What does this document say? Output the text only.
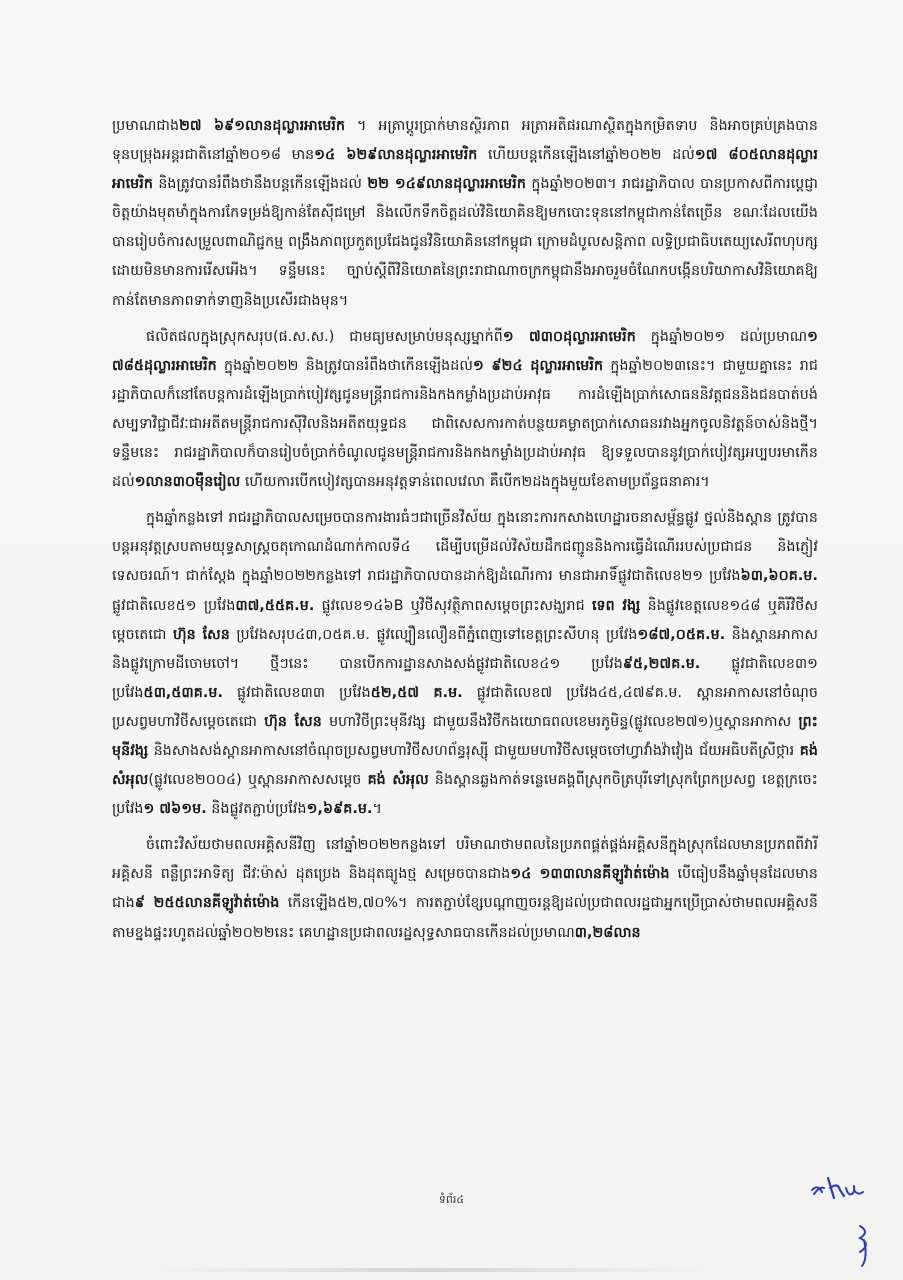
ប្រមាណជាង២៧ ៦៩១លានដុល្លារអាមេរិក ។ អត្រាប្តូរប្រាក់មានស្ថិរភាព អត្រាអតិផរណាស្ថិតក្នុងកម្រិតទាប និងអាចគ្រប់គ្រងបាន ទុនបម្រុងអន្តរជាតិនៅឆ្នាំ២០១៨ មាន១៤ ៦២៩លានដុល្លារអាមេរិក ហើយបន្តកើនឡើងនៅឆ្នាំ២០២២ ដល់១៧ ៨០៥លានដុល្លារអាមេរិក និងត្រូវបានរំពឹងថានឹងបន្តកើនឡើងដល់ ២២ ១៤៩លានដុល្លារអាមេរិក ក្នុងឆ្នាំ២០២៣។ រាជរដ្ឋាភិបាល បានប្រកាសពីការប្តេជ្ញាចិត្តយ៉ាងមុតមាំក្នុងការកែទម្រង់ឱ្យកាន់តែស៊ីជម្រៅ និងលើកទឹកចិត្តដល់វិនិយោគិនឱ្យមកបោះទុននៅកម្ពុជាកាន់តែច្រើន ខណៈដែលយើងបានរៀបចំការសម្រួលពាណិជ្ជកម្ម ពង្រឹងភាពប្រកួតប្រជែងជូនវិនិយោគិននៅកម្ពុជា ក្រោមដំបូលសន្តិភាព លទ្ធិប្រជាធិបតេយ្យសេរីពហុបក្ស ដោយមិនមានការរើសអើង។ ទន្ទឹមនេះ ច្បាប់ស្តីពីវិនិយោគនៃព្រះរាជាណាចក្រកម្ពុជានឹងអាចរួមចំណែកបង្កើនបរិយាកាសវិនិយោគឱ្យកាន់តែមានភាពទាក់ទាញនិងប្រសើរជាងមុន។

ផលិតផលក្នុងស្រុកសរុប(ផ.ស.ស.) ជាមធ្យមសម្រាប់មនុស្សម្នាក់ពី១ ៧៣០ដុល្លារអាមេរិក ក្នុងឆ្នាំ២០២១ ដល់ប្រមាណ១ ៧៨៥ដុល្លារអាមេរិក ក្នុងឆ្នាំ២០២២ និងត្រូវបានរំពឹងថាកើនឡើងដល់១ ៩២៤ ដុល្លារអាមេរិក ក្នុងឆ្នាំ២០២៣នេះ។ ជាមួយគ្នានេះ រាជរដ្ឋាភិបាលក៏នៅតែបន្តការដំឡើងប្រាក់បៀវត្សជូនមន្ត្រីរាជការនិងកងកម្លាំងប្រដាប់អាវុធ ការដំឡើងប្រាក់សោធននិវត្តជននិងជនបាត់បង់សម្បទាវិជ្ជាជីវៈជាអតីតមន្ត្រីរាជការស៊ីវិលនិងអតីតយុទ្ធជន ជាពិសេសការកាត់បន្ថយគម្លាតប្រាក់សោធនរវាងអ្នកចូលនិវត្តន៍ចាស់និងថ្មី។ ទន្ទឹមនេះ រាជរដ្ឋាភិបាលក៏បានរៀបចំប្រាក់ចំណូលជូនមន្ត្រីរាជការនិងកងកម្លាំងប្រដាប់អាវុធ ឱ្យទទួលបាននូវប្រាក់បៀវត្សអប្បបរមាកើនដល់១លាន៣០ម៉ឺនរៀល ហើយការបើកបៀវត្សបានអនុវត្តទាន់ពេលវេលា គឺបើក២ដងក្នុងមួយខែតាមប្រព័ន្ធធនាគារ។

ក្នុងឆ្នាំកន្លងទៅ រាជរដ្ឋាភិបាលសម្រេចបានការងារធំៗជាច្រើនវិស័យ ក្នុងនោះការកសាងហេដ្ឋារចនាសម្ព័ន្ធផ្លូវ ថ្នល់និងស្ពាន ត្រូវបានបន្តអនុវត្តស្របតាមយុទ្ធសាស្ត្រចតុកោណដំណាក់កាលទី៤ ដើម្បីបម្រើដល់វិស័យដឹកជញ្ជូននិងការធ្វើដំណើររបស់ប្រជាជន និងភ្ញៀវទេសចរណ៍។ ជាក់ស្តែង ក្នុងឆ្នាំ២០២២កន្លងទៅ រាជរដ្ឋាភិបាលបានដាក់ឱ្យដំណើរការ មានជាអាទិ៍ផ្លូវជាតិលេខ២១ ប្រវែង៦៣,៦០គ.ម. ផ្លូវជាតិលេខ៥១ ប្រវែង៣៧,៥៥គ.ម. ផ្លូវលេខ១៤៦B ឬវិថីសុវត្ថិភាពសម្តេចព្រះសង្ឃរាជ ទេព វង្ស និងផ្លូវខេត្តលេខ១៤៨ ឬគិរីវិថីសម្តេចតេជោ ហ៊ុន សែន ប្រវែងសរុប៤៣,០៥គ.ម. ផ្លូវល្បឿនលឿនពីភ្នំពេញទៅខេត្តព្រះសីហនុ ប្រវែង១៨៧,០៥គ.ម. និងស្ពានអាកាសនិងផ្លូវក្រោមដីចោមចៅ។ ថ្មីៗនេះ បានបើកការដ្ឋានសាងសង់ផ្លូវជាតិលេខ៤១ ប្រវែង៩៥,២៧គ.ម. ផ្លូវជាតិលេខ៣១ ប្រវែង៥៣,៥៣គ.ម. ផ្លូវជាតិលេខ៣៣ ប្រវែង៥២,៥៧ គ.ម. ផ្លូវជាតិលេខ៧ ប្រវែង៤៥,៤៧៩គ.ម. ស្ពានអាកាសនៅចំណុចប្រសព្វមហាវិថីសម្តេចតេជោ ហ៊ុន សែន មហាវិថីព្រះមុនីវង្ស ជាមួយនឹងវិថីកងយោធពលខេមរភូមិន្ទ(ផ្លូវលេខ២៧១)ឬស្ពានអាកាស ព្រះមុនីវង្ស និងសាងសង់ស្ពានអាកាសនៅចំណុចប្រសព្វមហាវិថីសហព័ន្ធរុស្ស៊ី ជាមួយមហាវិថីសម្តេចចៅហ្វាវាំងវ៉ាវៀង ជ័យអធិបតីស្រីថ្ការ គង់ សំអុល(ផ្លូវលេខ២០០៤) ឬស្ពានអាកាសសម្តេច គង់ សំអុល និងស្ពានឆ្លងកាត់ទន្លេមេគង្គពីស្រុកចិត្របុរីទៅស្រុកព្រែកប្រសព្វ ខេត្តក្រចេះ ប្រវែង១ ៧៦១ម. និងផ្លូវតភ្ជាប់ប្រវែង១,៦៩គ.ម.។

ចំពោះវិស័យថាមពលអគ្គិសនីវិញ នៅឆ្នាំ២០២២កន្លងទៅ បរិមាណថាមពលនៃប្រភពផ្គត់ផ្គង់អគ្គិសនីក្នុងស្រុកដែលមានប្រភពពីវារីអគ្គិសនី ពន្លឺព្រះអាទិត្យ ជីវៈម៉ាស់ ដុតប្រេង និងដុតធ្យូងថ្ម សម្រេចបានជាង១៤ ១៣៣លានគីឡូវ៉ាត់ម៉ោង បើធៀបនឹងឆ្នាំមុនដែលមានជាង៩ ២៥៥លានគីឡូវ៉ាត់ម៉ោង កើនឡើង៥២,៧០%។ ការតភ្ជាប់ខ្សែបណ្តាញចរន្តឱ្យដល់ប្រជាពលរដ្ឋជាអ្នកប្រើប្រាស់ថាមពលអគ្គិសនីតាមខ្នងផ្ទះរហូតដល់ឆ្នាំ២០២២នេះ គេហដ្ឋានប្រជាពលរដ្ឋសុទ្ធសាធបានកើនដល់ប្រមាណ៣,២៨លាន

ទំព័រ៤
